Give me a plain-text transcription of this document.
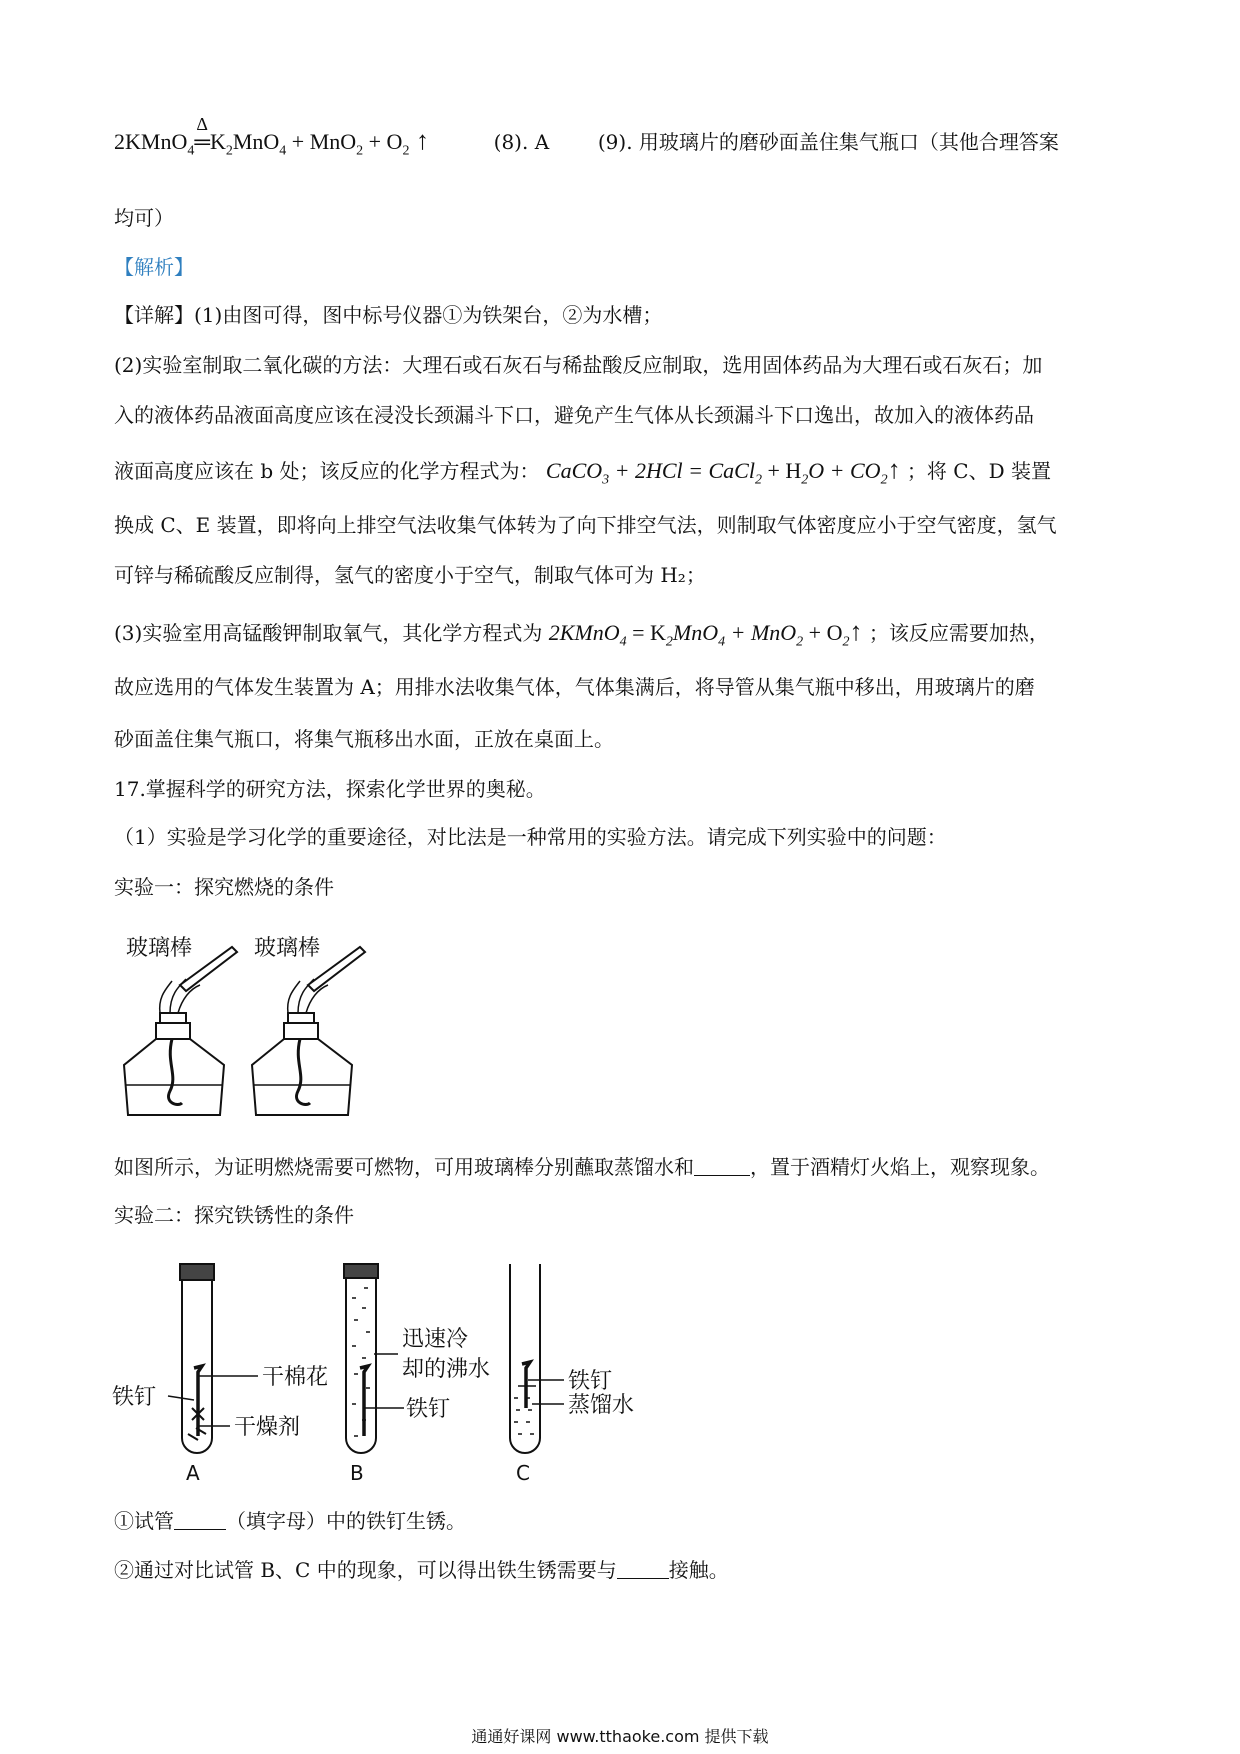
2KMnO$_4$
Δ
$═K_2MnO_4 + MnO_2 + O_2$ ↑	(8). A (9). 用玻璃片的磨砂面盖住集气瓶口（其他合理答案
均可）
【解析】
【详解】(1)由图可得，图中标号仪器①为铁架台，②为水槽；
(2)实验室制取二氧化碳的方法：大理石或石灰石与稀盐酸反应制取，选用固体药品为大理石或石灰石；加
入的液体药品液面高度应该在浸没长颈漏斗下口，避免产生气体从长颈漏斗下口逸出，故加入的液体药品
液面高度应该在 b 处；该反应的化学方程式为： CaCO$_3$ + 2HCl = CaCl$_2$ + $H_2O$ + $CO_2↑$ ；将 C、D 装置
换成 C、E 装置，即将向上排空气法收集气体转为了向下排空气法，则制取气体密度应小于空气密度，氢气
可锌与稀硫酸反应制得，氢气的密度小于空气，制取气体可为 H₂；
(3)实验室用高锰酸钾制取氧气，其化学方程式为 2KMnO$_4$ = $K_2MnO_4 + MnO_2$ + $O_2↑$ ；该反应需要加热，
故应选用的气体发生装置为 A；用排水法收集气体，气体集满后，将导管从集气瓶中移出，用玻璃片的磨
砂面盖住集气瓶口，将集气瓶移出水面，正放在桌面上。
17.掌握科学的研究方法，探索化学世界的奥秘。
（1）实验是学习化学的重要途径，对比法是一种常用的实验方法。请完成下列实验中的问题：
实验一：探究燃烧的条件
玻璃棒	玻璃棒
如图所示，为证明燃烧需要可燃物，可用玻璃棒分别蘸取蒸馏水和	，置于酒精灯火焰上，观察现象。
实验二：探究铁锈性的条件
铁钉
干棉花
干燥剂
A
迅速冷
却的沸水
铁钉
B
铁钉
蒸馏水
C
①试管	（填字母）中的铁钉生锈。
②通过对比试管 B、C 中的现象，可以得出铁生锈需要与	接触。
通通好课网 www.tthaoke.com 提供下载
